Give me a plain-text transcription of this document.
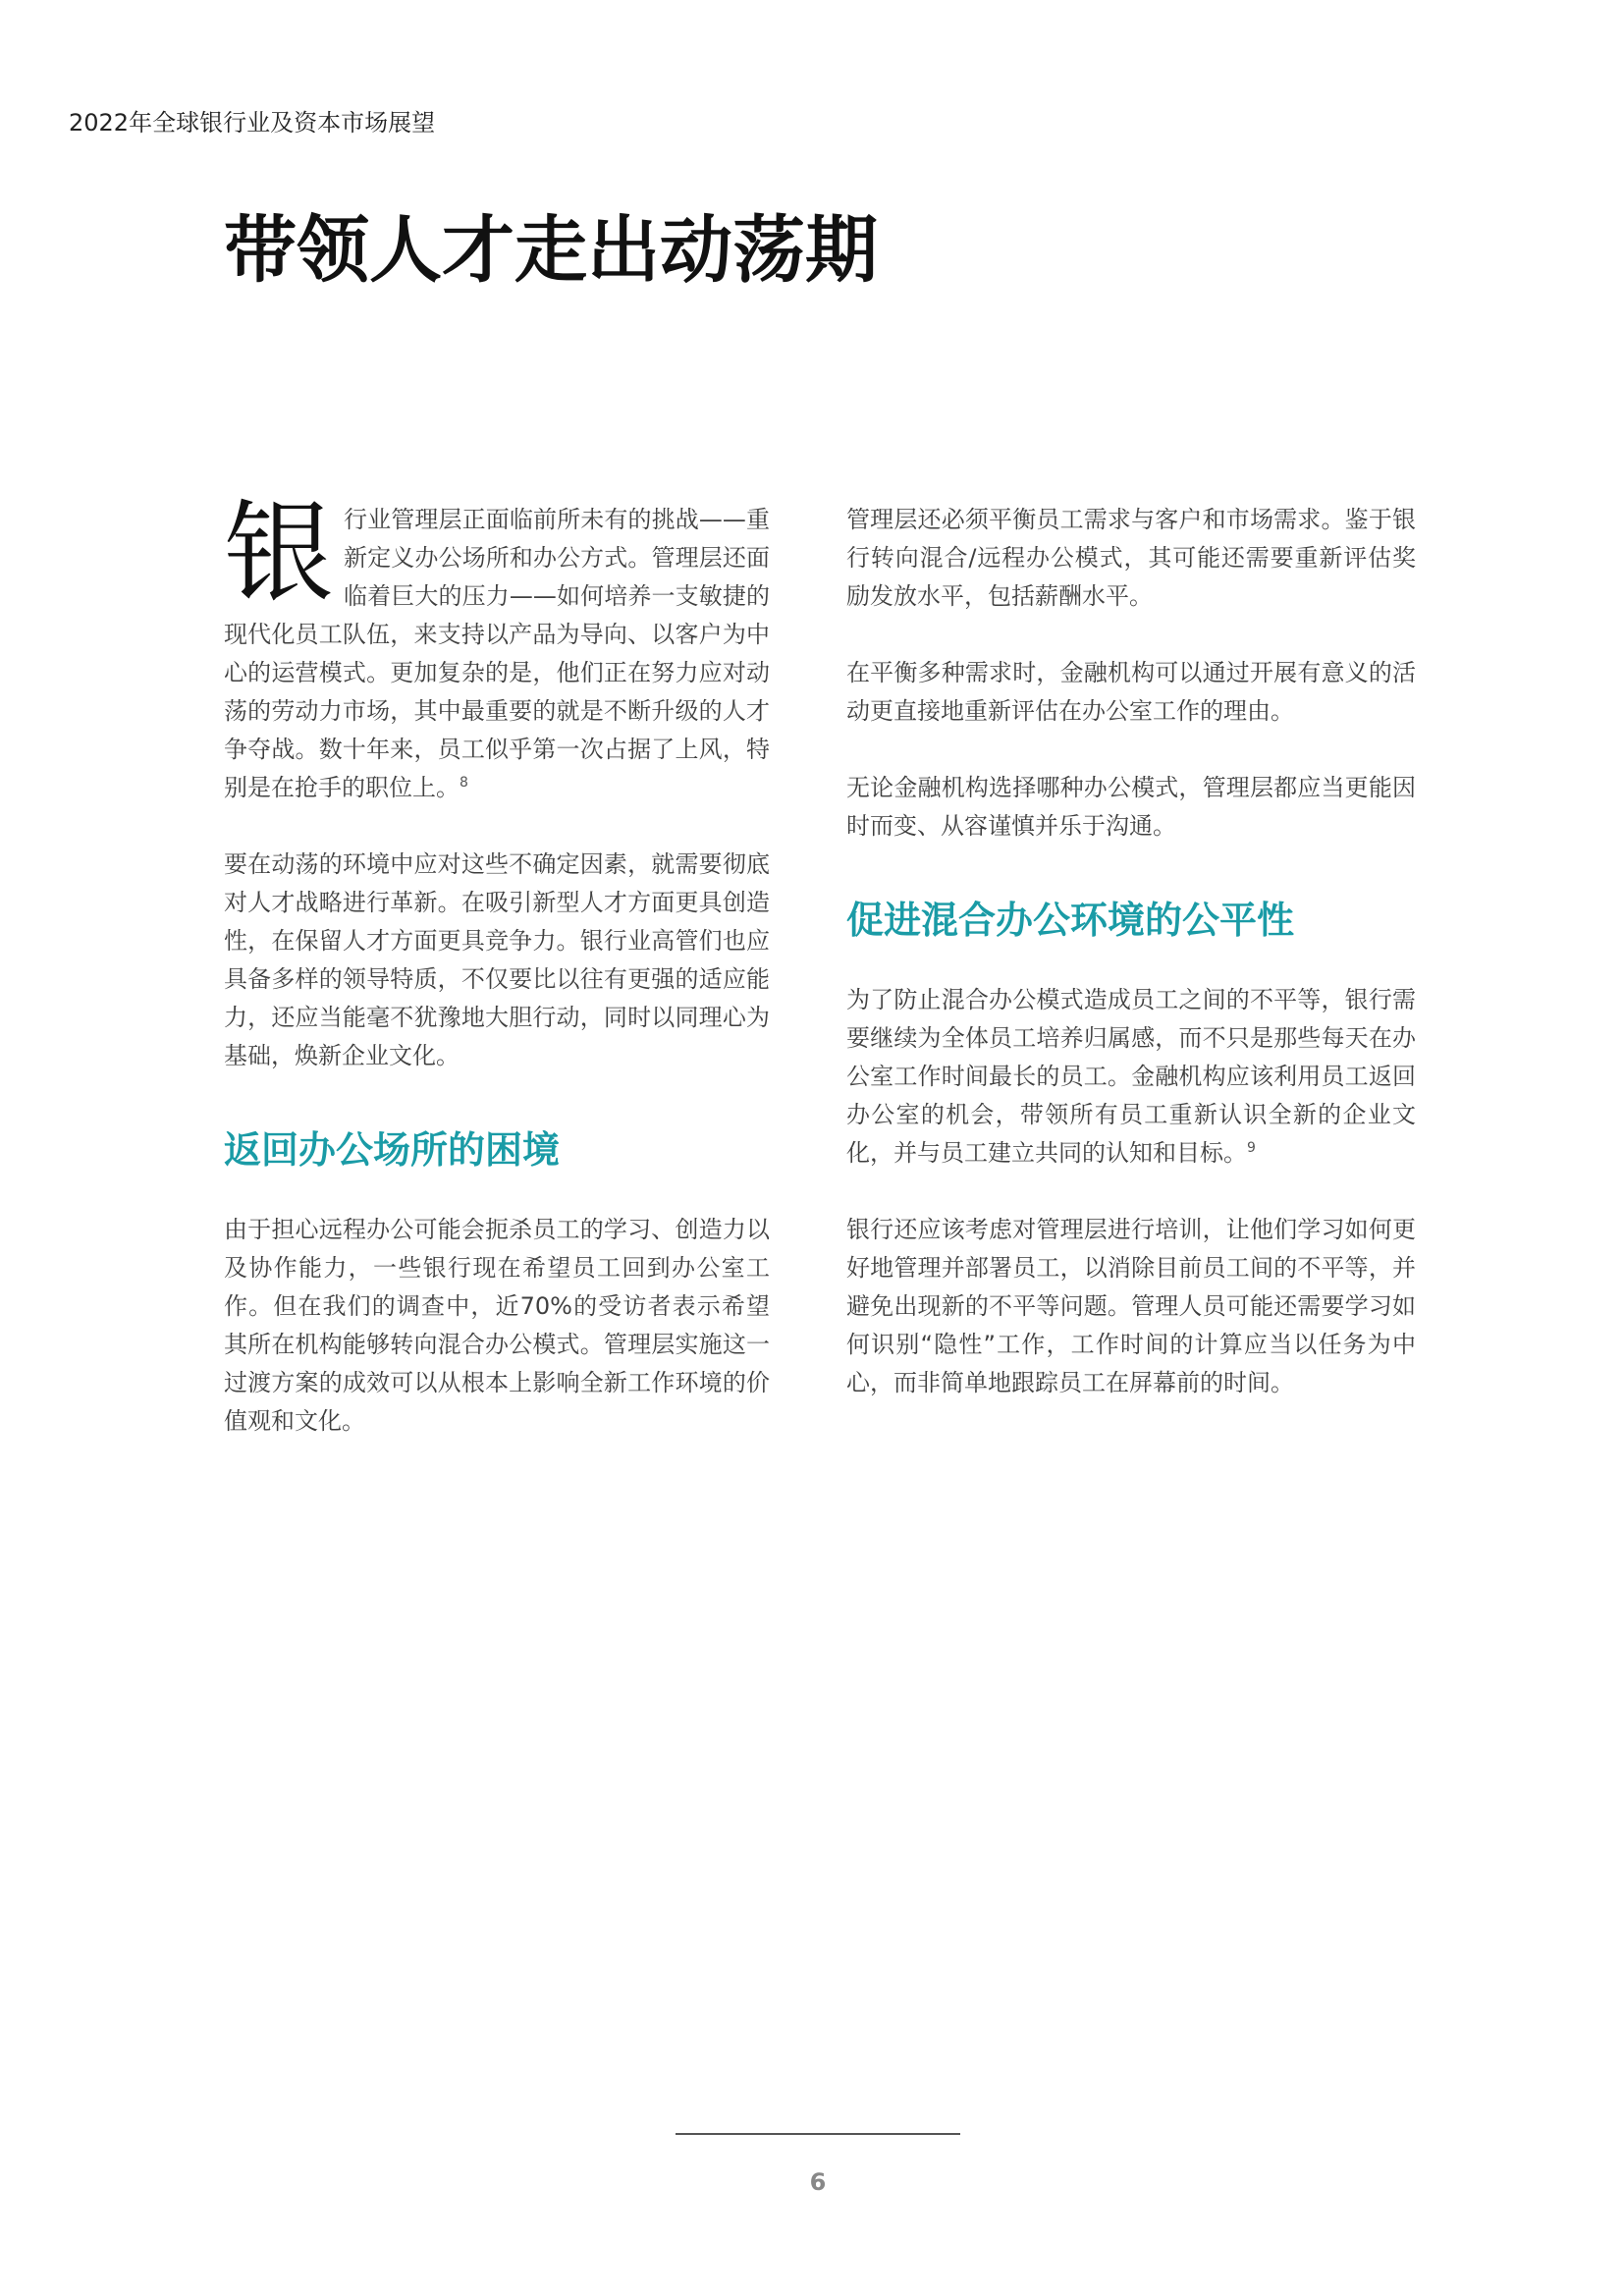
2022年全球银行业及资本市场展望
带领人才走出动荡期

银行业管理层正面临前所未有的挑战——重新定义办公场所和办公方式。管理层还面临着巨大的压力——如何培养一支敏捷的现代化员工队伍，来支持以产品为导向、以客户为中心的运营模式。更加复杂的是，他们正在努力应对动荡的劳动力市场，其中最重要的就是不断升级的人才争夺战。数十年来，员工似乎第一次占据了上风，特别是在抢手的职位上。$^8$

要在动荡的环境中应对这些不确定因素，就需要彻底对人才战略进行革新。在吸引新型人才方面更具创造性，在保留人才方面更具竞争力。银行业高管们也应具备多样的领导特质，不仅要比以往有更强的适应能力，还应当能毫不犹豫地大胆行动，同时以同理心为基础，焕新企业文化。

返回办公场所的困境

由于担心远程办公可能会扼杀员工的学习、创造力以及协作能力，一些银行现在希望员工回到办公室工作。但在我们的调查中，近70%的受访者表示希望其所在机构能够转向混合办公模式。管理层实施这一过渡方案的成效可以从根本上影响全新工作环境的价值观和文化。

管理层还必须平衡员工需求与客户和市场需求。鉴于银行转向混合/远程办公模式，其可能还需要重新评估奖励发放水平，包括薪酬水平。

在平衡多种需求时，金融机构可以通过开展有意义的活动更直接地重新评估在办公室工作的理由。

无论金融机构选择哪种办公模式，管理层都应当更能因时而变、从容谨慎并乐于沟通。

促进混合办公环境的公平性

为了防止混合办公模式造成员工之间的不平等，银行需要继续为全体员工培养归属感，而不只是那些每天在办公室工作时间最长的员工。金融机构应该利用员工返回办公室的机会，带领所有员工重新认识全新的企业文化，并与员工建立共同的认知和目标。$^9$

银行还应该考虑对管理层进行培训，让他们学习如何更好地管理并部署员工，以消除目前员工间的不平等，并避免出现新的不平等问题。管理人员可能还需要学习如何识别“隐性”工作，工作时间的计算应当以任务为中心，而非简单地跟踪员工在屏幕前的时间。

6
